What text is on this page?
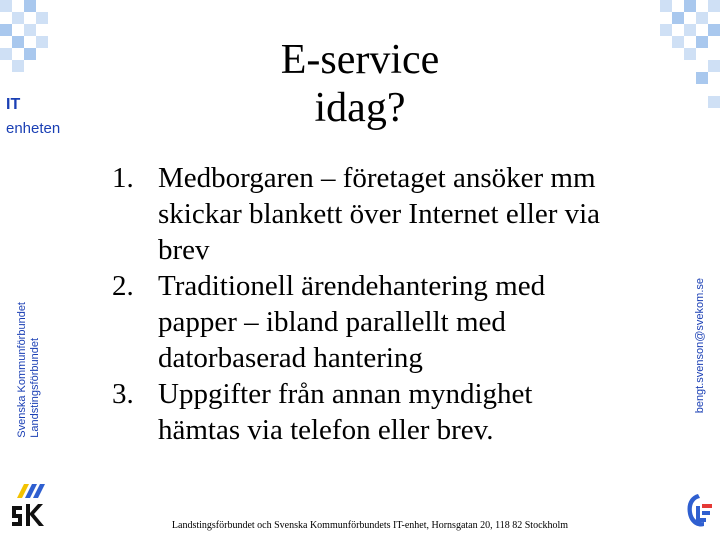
E-service
idag?
IT
enheten
Svenska Kommunförbundet Landstingsförbundet	bengt.svenson@svekom.se
1. Medborgaren – företaget ansöker mm
skickar blankett över Internet eller via
brev
2. Traditionell ärendehantering med
papper – ibland parallellt med
datorbaserad hantering
3. Uppgifter från annan myndighet
hämtas via telefon eller brev.
Landstingsförbundet och Svenska Kommunförbundets IT-enhet, Hornsgatan 20, 118 82 Stockholm
